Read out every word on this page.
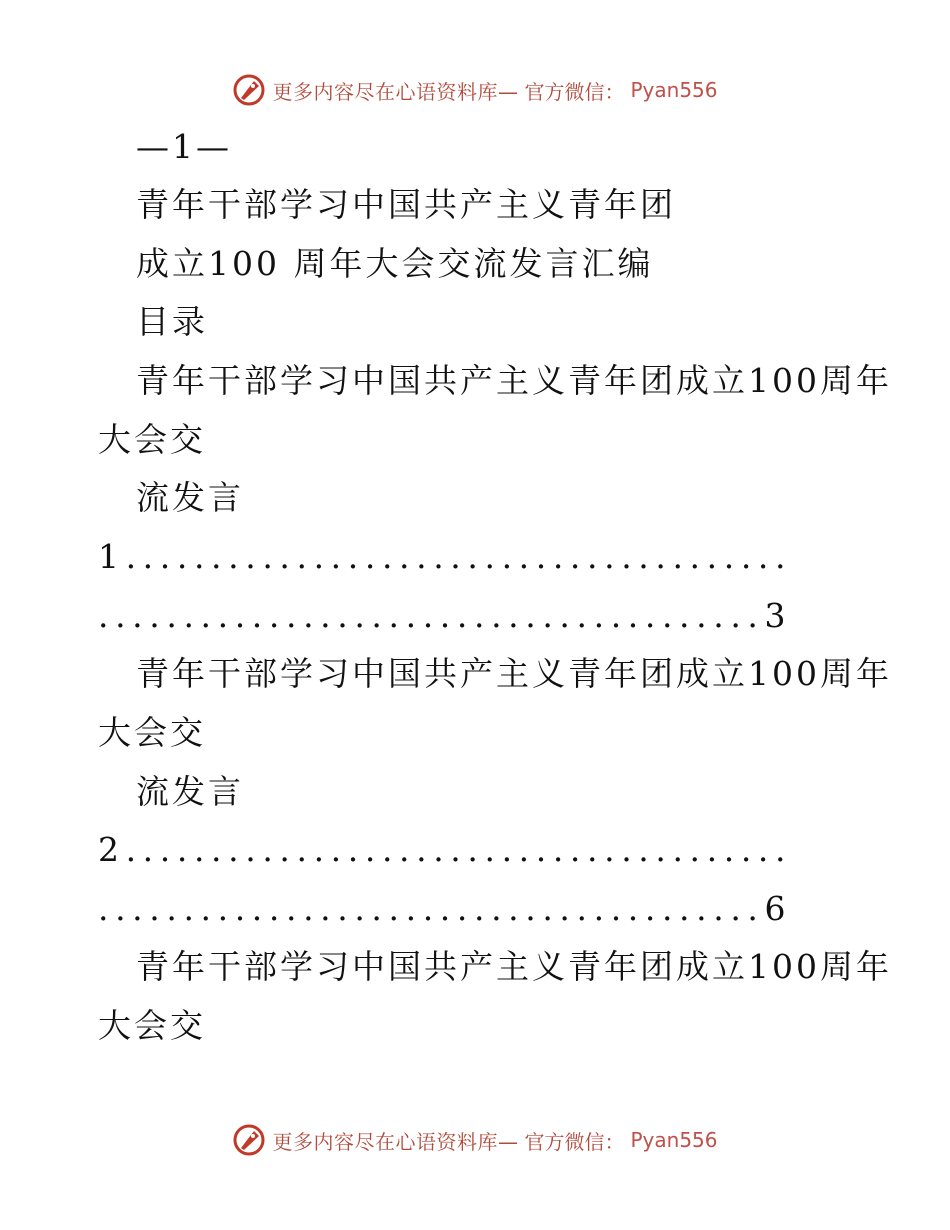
更多内容尽在心语资料库— 官方微信： Pyan556
—1—
青年干部学习中国共产主义青年团
成立100 周年大会交流发言汇编
目录
青年干部学习中国共产主义青年团成立100周年
大会交
流发言
1.......................................
.......................................3
青年干部学习中国共产主义青年团成立100周年
大会交
流发言
2.......................................
.......................................6
青年干部学习中国共产主义青年团成立100周年
大会交
更多内容尽在心语资料库— 官方微信： Pyan556
